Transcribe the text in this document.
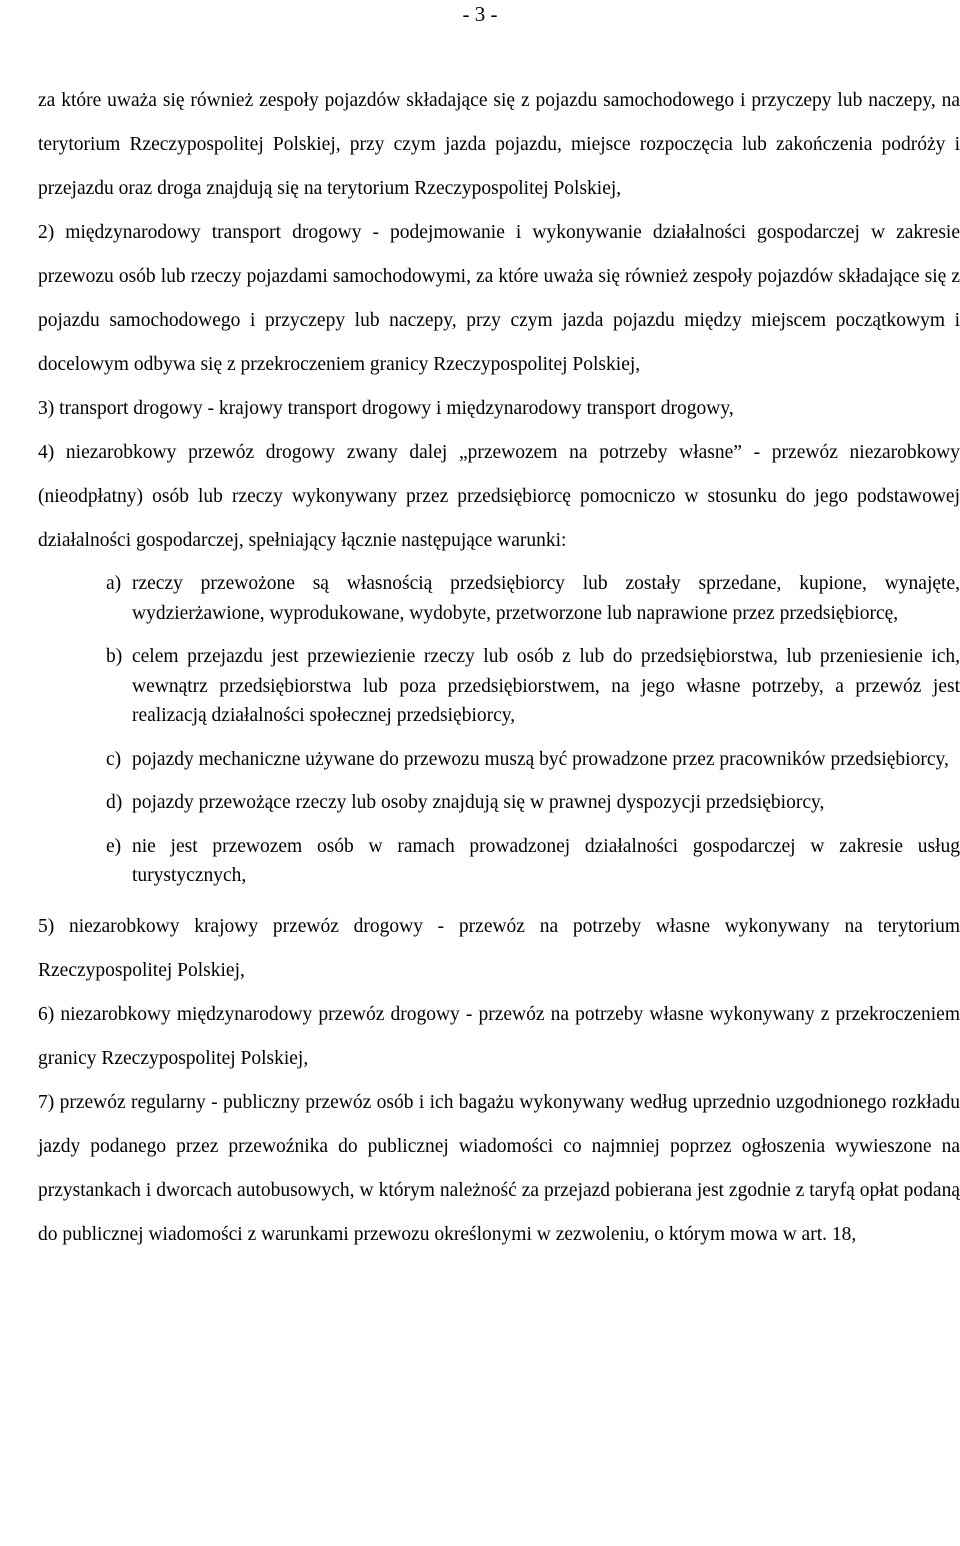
- 3 -

za które uważa się również zespoły pojazdów składające się z pojazdu samochodowego i przyczepy lub naczepy, na terytorium Rzeczypospolitej Polskiej, przy czym jazda pojazdu, miejsce rozpoczęcia lub zakończenia podróży i przejazdu oraz droga znajdują się na terytorium Rzeczypospolitej Polskiej,

2) międzynarodowy transport drogowy - podejmowanie i wykonywanie działalności gospodarczej w zakresie przewozu osób lub rzeczy pojazdami samochodowymi, za które uważa się również zespoły pojazdów składające się z pojazdu samochodowego i przyczepy lub naczepy, przy czym jazda pojazdu między miejscem początkowym i docelowym odbywa się z przekroczeniem granicy Rzeczypospolitej Polskiej,

3) transport drogowy - krajowy transport drogowy i międzynarodowy transport drogowy,

4) niezarobkowy przewóz drogowy zwany dalej „przewozem na potrzeby własne” - przewóz niezarobkowy (nieodpłatny) osób lub rzeczy wykonywany przez przedsiębiorcę pomocniczo w stosunku do jego podstawowej działalności gospodarczej, spełniający łącznie następujące warunki:

a) rzeczy przewożone są własnością przedsiębiorcy lub zostały sprzedane, kupione, wynajęte, wydzierżawione, wyprodukowane, wydobyte, przetworzone lub naprawione przez przedsiębiorcę,
b) celem przejazdu jest przewiezienie rzeczy lub osób z lub do przedsiębiorstwa, lub przeniesienie ich, wewnątrz przedsiębiorstwa lub poza przedsiębiorstwem, na jego własne potrzeby, a przewóz jest realizacją działalności społecznej przedsiębiorcy,
c) pojazdy mechaniczne używane do przewozu muszą być prowadzone przez pracowników przedsiębiorcy,
d) pojazdy przewożące rzeczy lub osoby znajdują się w prawnej dyspozycji przedsiębiorcy,
e) nie jest przewozem osób w ramach prowadzonej działalności gospodarczej w zakresie usług turystycznych,

5) niezarobkowy krajowy przewóz drogowy - przewóz na potrzeby własne wykonywany na terytorium Rzeczypospolitej Polskiej,

6) niezarobkowy międzynarodowy przewóz drogowy - przewóz na potrzeby własne wykonywany z przekroczeniem granicy Rzeczypospolitej Polskiej,

7) przewóz regularny - publiczny przewóz osób i ich bagażu wykonywany według uprzednio uzgodnionego rozkładu jazdy podanego przez przewoźnika do publicznej wiadomości co najmniej poprzez ogłoszenia wywieszone na przystankach i dworcach autobusowych, w którym należność za przejazd pobierana jest zgodnie z taryfą opłat podaną do publicznej wiadomości z warunkami przewozu określonymi w zezwoleniu, o którym mowa w art. 18,
